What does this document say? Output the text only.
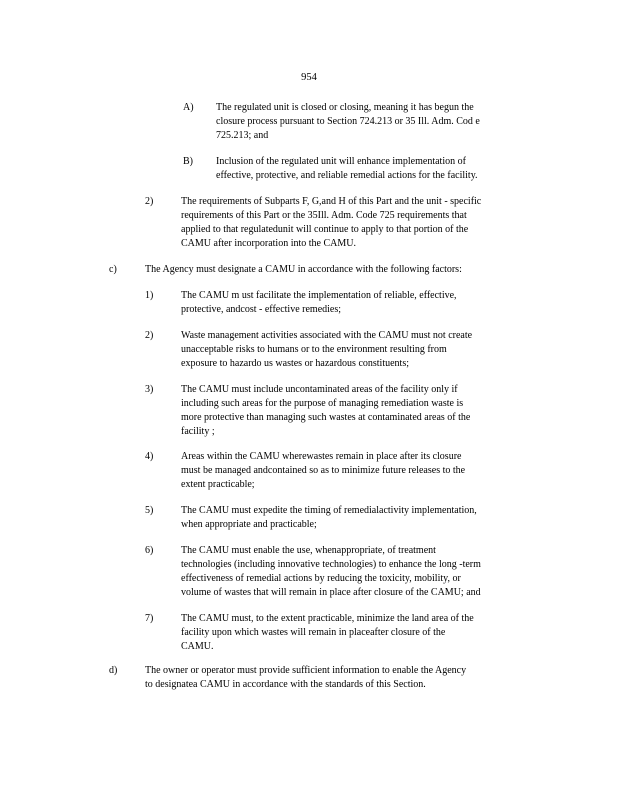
954
A) The regulated unit is closed or closing, meaning it has begun the
closure process pursuant to Section 724.213 or 35 Ill. Adm. Cod e
725.213; and
B) Inclusion of the regulated unit will enhance implementation of
effective, protective, and reliable remedial actions for the facility.
2)	The requirements of Subparts F, G,and H of this Part and the unit - specific
requirements of this Part or the 35Ill. Adm. Code 725 requirements that
applied to that regulatedunit will continue to apply to that portion of the
CAMU after incorporation into the CAMU.
c)	The Agency must designate a CAMU in accordance with the following factors:
1)	The CAMU m ust facilitate the implementation of reliable, effective,
protective, andcost - effective remedies;
2)	Waste management activities associated with the CAMU must not create
unacceptable risks to humans or to the environment resulting from
exposure to hazardo us wastes or hazardous constituents;
3)	The CAMU must include uncontaminated areas of the facility only if
including such areas for the purpose of managing remediation waste is
more protective than managing such wastes at contaminated areas of the
facility ;
4)	Areas within the CAMU wherewastes remain in place after its closure
must be managed andcontained so as to minimize future releases to the
extent practicable;
5)	The CAMU must expedite the timing of remedialactivity implementation,
when appropriate and practicable;
6)	The CAMU must enable the use, whenappropriate, of treatment
technologies (including innovative technologies) to enhance the long -term
effectiveness of remedial actions by reducing the toxicity, mobility, or
volume of wastes that will remain in place after closure of the CAMU; and
7)	The CAMU must, to the extent practicable, minimize the land area of the
facility upon which wastes will remain in placeafter closure of the
CAMU.
d)	The owner or operator must provide sufficient information to enable the Agency
to designatea CAMU in accordance with the standards of this Section.
